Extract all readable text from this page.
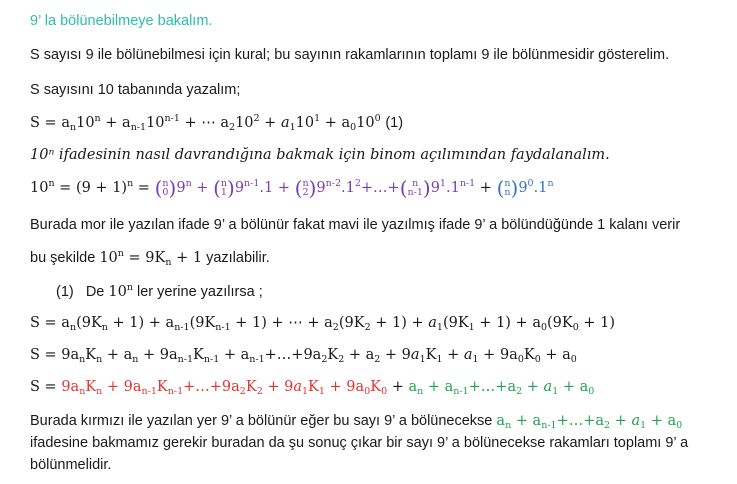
9’ la bölünebilmeye bakalım.
S sayısı 9 ile bölünebilmesi için kural; bu sayının rakamlarının toplamı 9 ile bölünmesidir gösterelim.
S sayısını 10 tabanında yazalım;
$S = a_n10^n + a_{n-1}10^{n-1}$ + ⋯ $a_210^2 + a_110^1 + a_010^0$ (1)
10ⁿ ifadesinin nasıl davrandığına bakmak için binom açılımından faydalanalım.
$10^n = (9 + 1)^n$ = ( n
0 )$9^n$ + ( n
1 )$9^{n-1}.1$ + ( n
2 )$9^{n-2}.1^2+\dots+$( n
n-1 )$9^1.1^{n-1}$ + ( n
n )$9^0.1^n$
Burada mor ile yazılan ifade 9’ a bölünür fakat mavi ile yazılmış ifade 9’ a bölündüğünde 1 kalanı verir
bu şekilde $10^n = 9K_n + 1$ yazılabilir.
(1) De 10$^n$ ler yerine yazılırsa ;
$S = a_n(9K_n + 1) + a_{n-1}(9K_{n-1} + 1)$ + ⋯ + $a_2(9K_2 + 1) + a_1(9K_1 + 1) + a_0(9K_0 + 1)$
$S = 9a_nK_n + a_n + 9a_{n-1}K_{n-1}$ + $a_{n-1}+\dots+9a_2K_2 + a_2 + 9a_1K_1 + a_1 + 9a_0K_0 + a_0$
$S = 9a_nK_n$ + $9a_{n-1}K_{n-1}+\dots+9a_2K_2 + 9a_1K_1 + 9a_0K_0 + a_n$ + $a_{n-1}+\dots+a_2 + a_1 + a_0$
Burada kırmızı ile yazılan yer 9’ a bölünür eğer bu sayı 9’ a bölünecekse $a_n$ + $a_{n-1}+\dots+a_2 + a_1 + a_0$
ifadesine bakmamız gerekir buradan da şu sonuç çıkar bir sayı 9’ a bölünecekse rakamları toplamı 9’ a
bölünmelidir.
